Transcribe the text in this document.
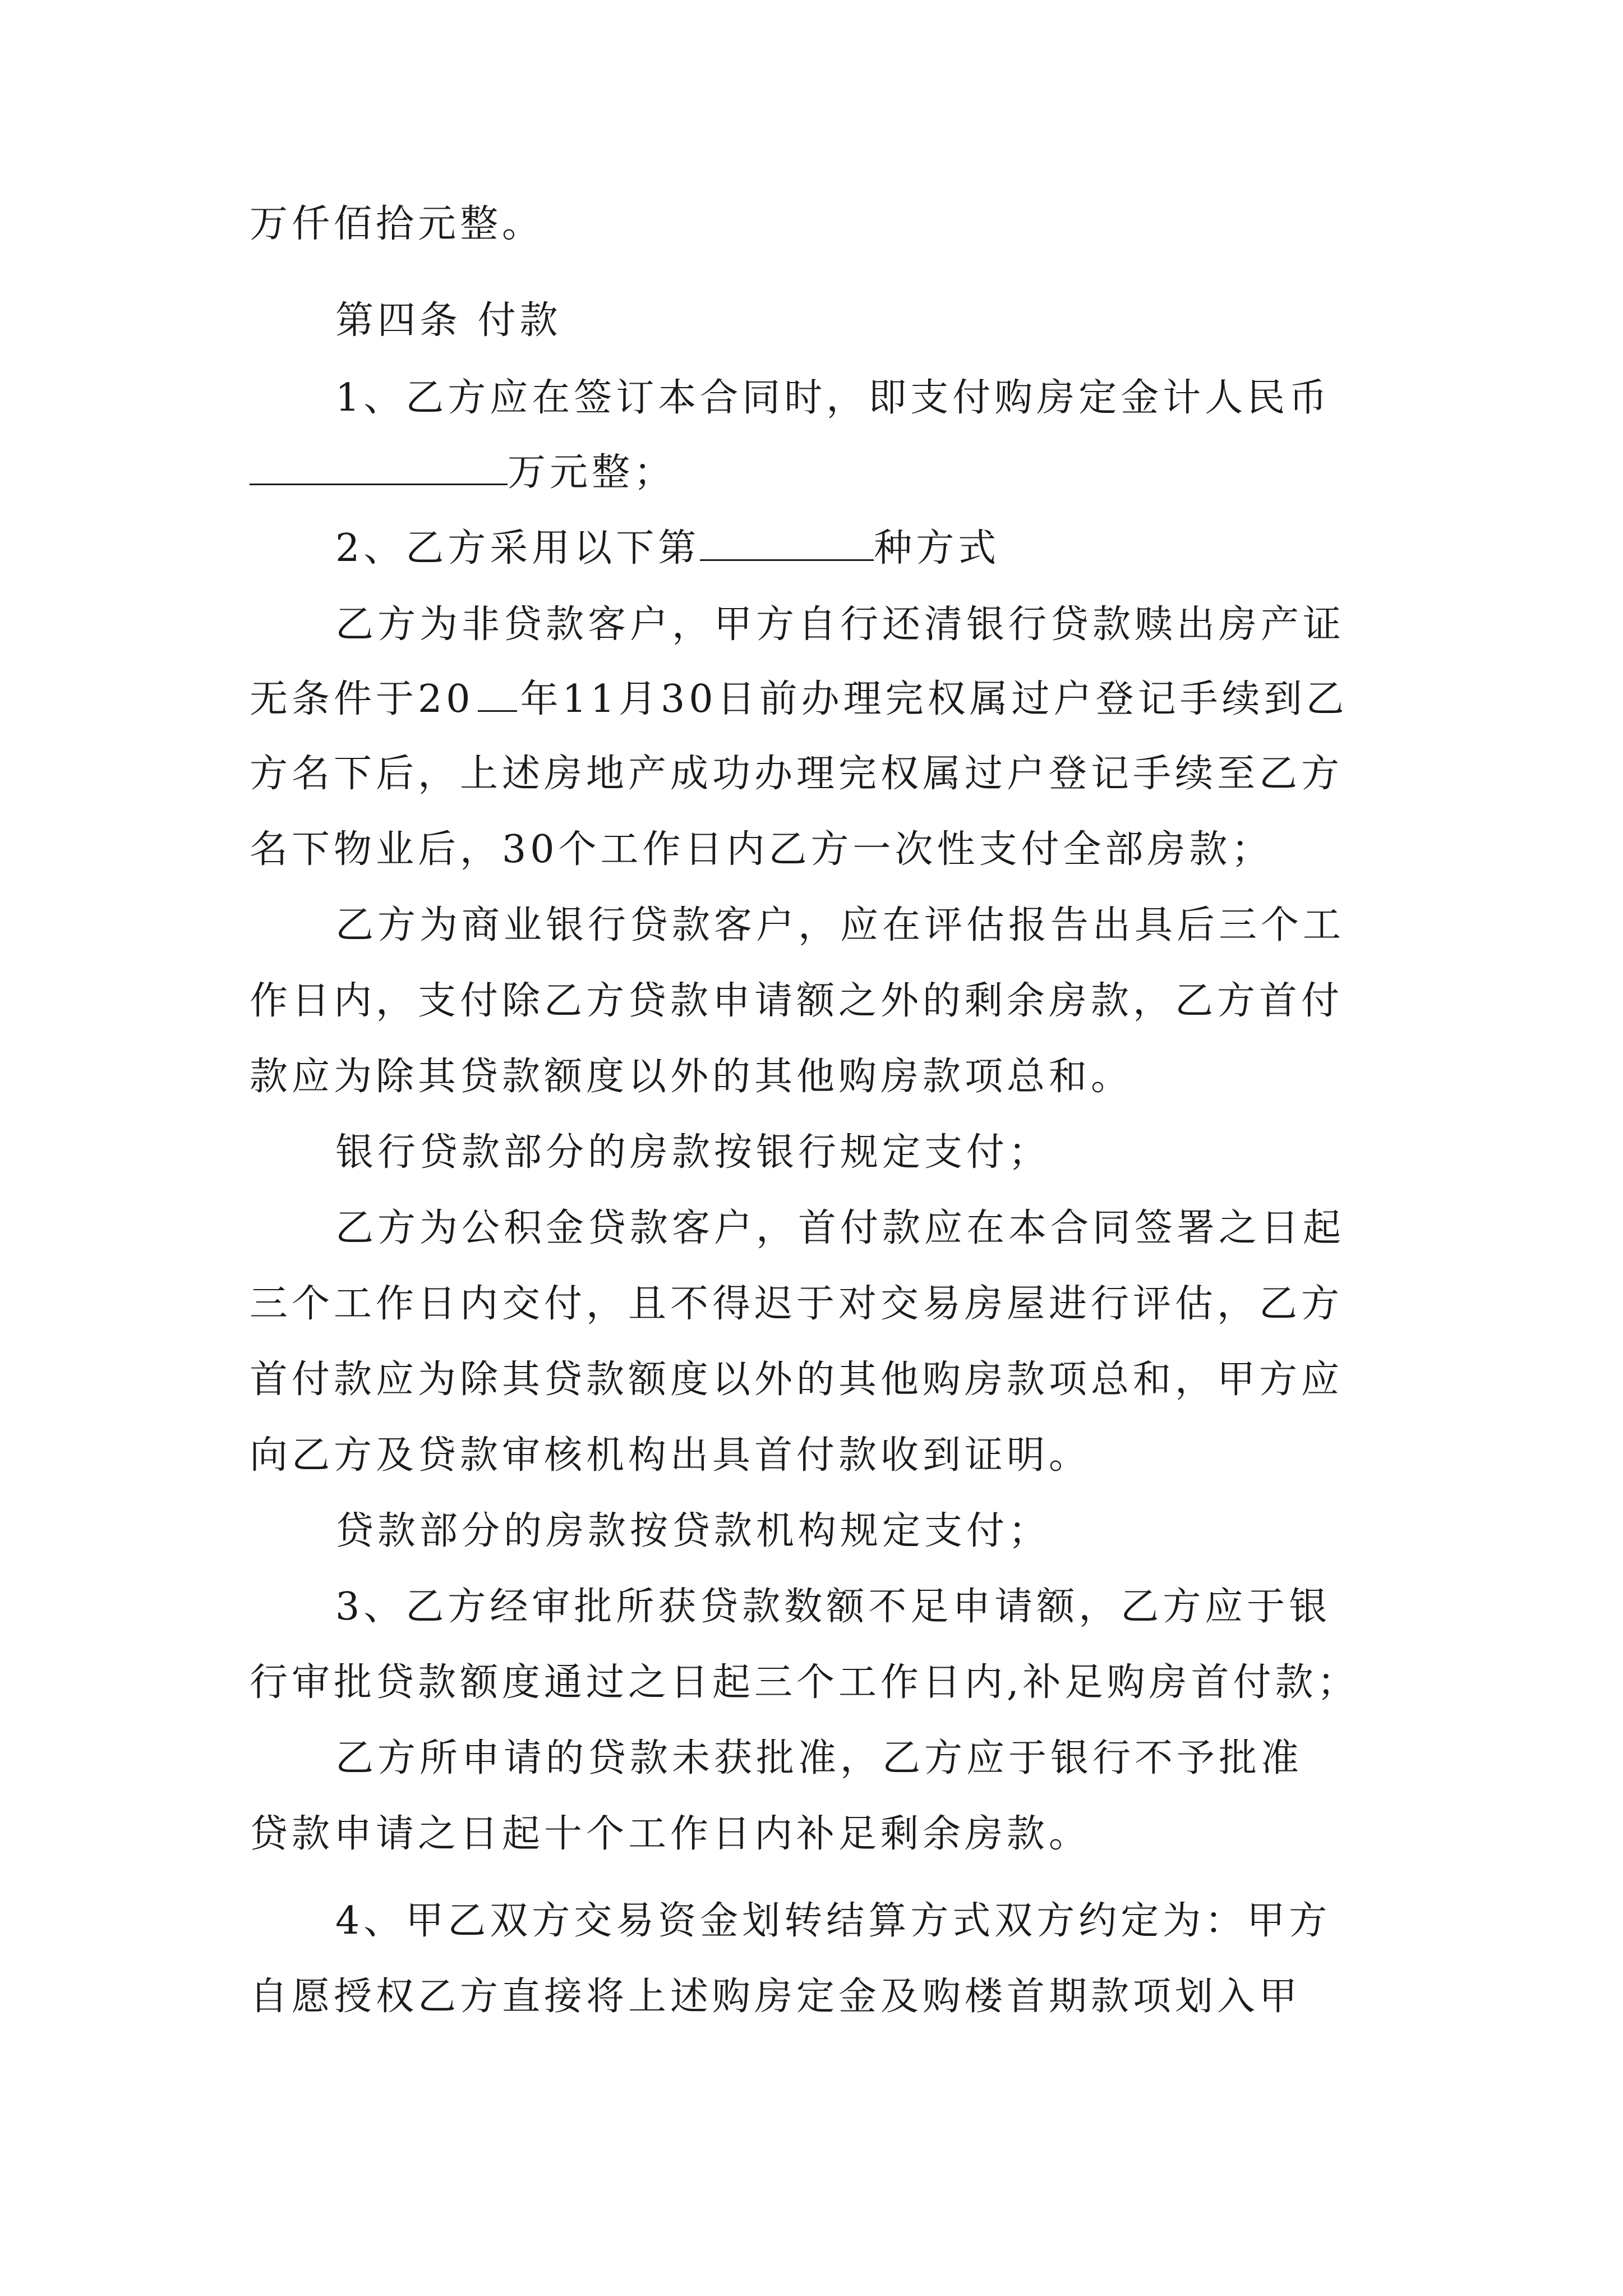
万仟佰拾元整。
第四条 付款
1、乙方应在签订本合同时，即支付购房定金计人民币
万元整；
2、乙方采用以下第	种方式
乙方为非贷款客户，甲方自行还清银行贷款赎出房产证
无条件于20 年11月30日前办理完权属过户登记手续到乙
方名下后，上述房地产成功办理完权属过户登记手续至乙方
名下物业后，30个工作日内乙方一次性支付全部房款；
乙方为商业银行贷款客户，应在评估报告出具后三个工
作日内，支付除乙方贷款申请额之外的剩余房款，乙方首付
款应为除其贷款额度以外的其他购房款项总和。
银行贷款部分的房款按银行规定支付；
乙方为公积金贷款客户，首付款应在本合同签署之日起
三个工作日内交付，且不得迟于对交易房屋进行评估，乙方
首付款应为除其贷款额度以外的其他购房款项总和，甲方应
向乙方及贷款审核机构出具首付款收到证明。
贷款部分的房款按贷款机构规定支付；
3、乙方经审批所获贷款数额不足申请额，乙方应于银
行审批贷款额度通过之日起三个工作日内,补足购房首付款；
乙方所申请的贷款未获批准，乙方应于银行不予批准
贷款申请之日起十个工作日内补足剩余房款。
4、甲乙双方交易资金划转结算方式双方约定为：甲方
自愿授权乙方直接将上述购房定金及购楼首期款项划入甲
